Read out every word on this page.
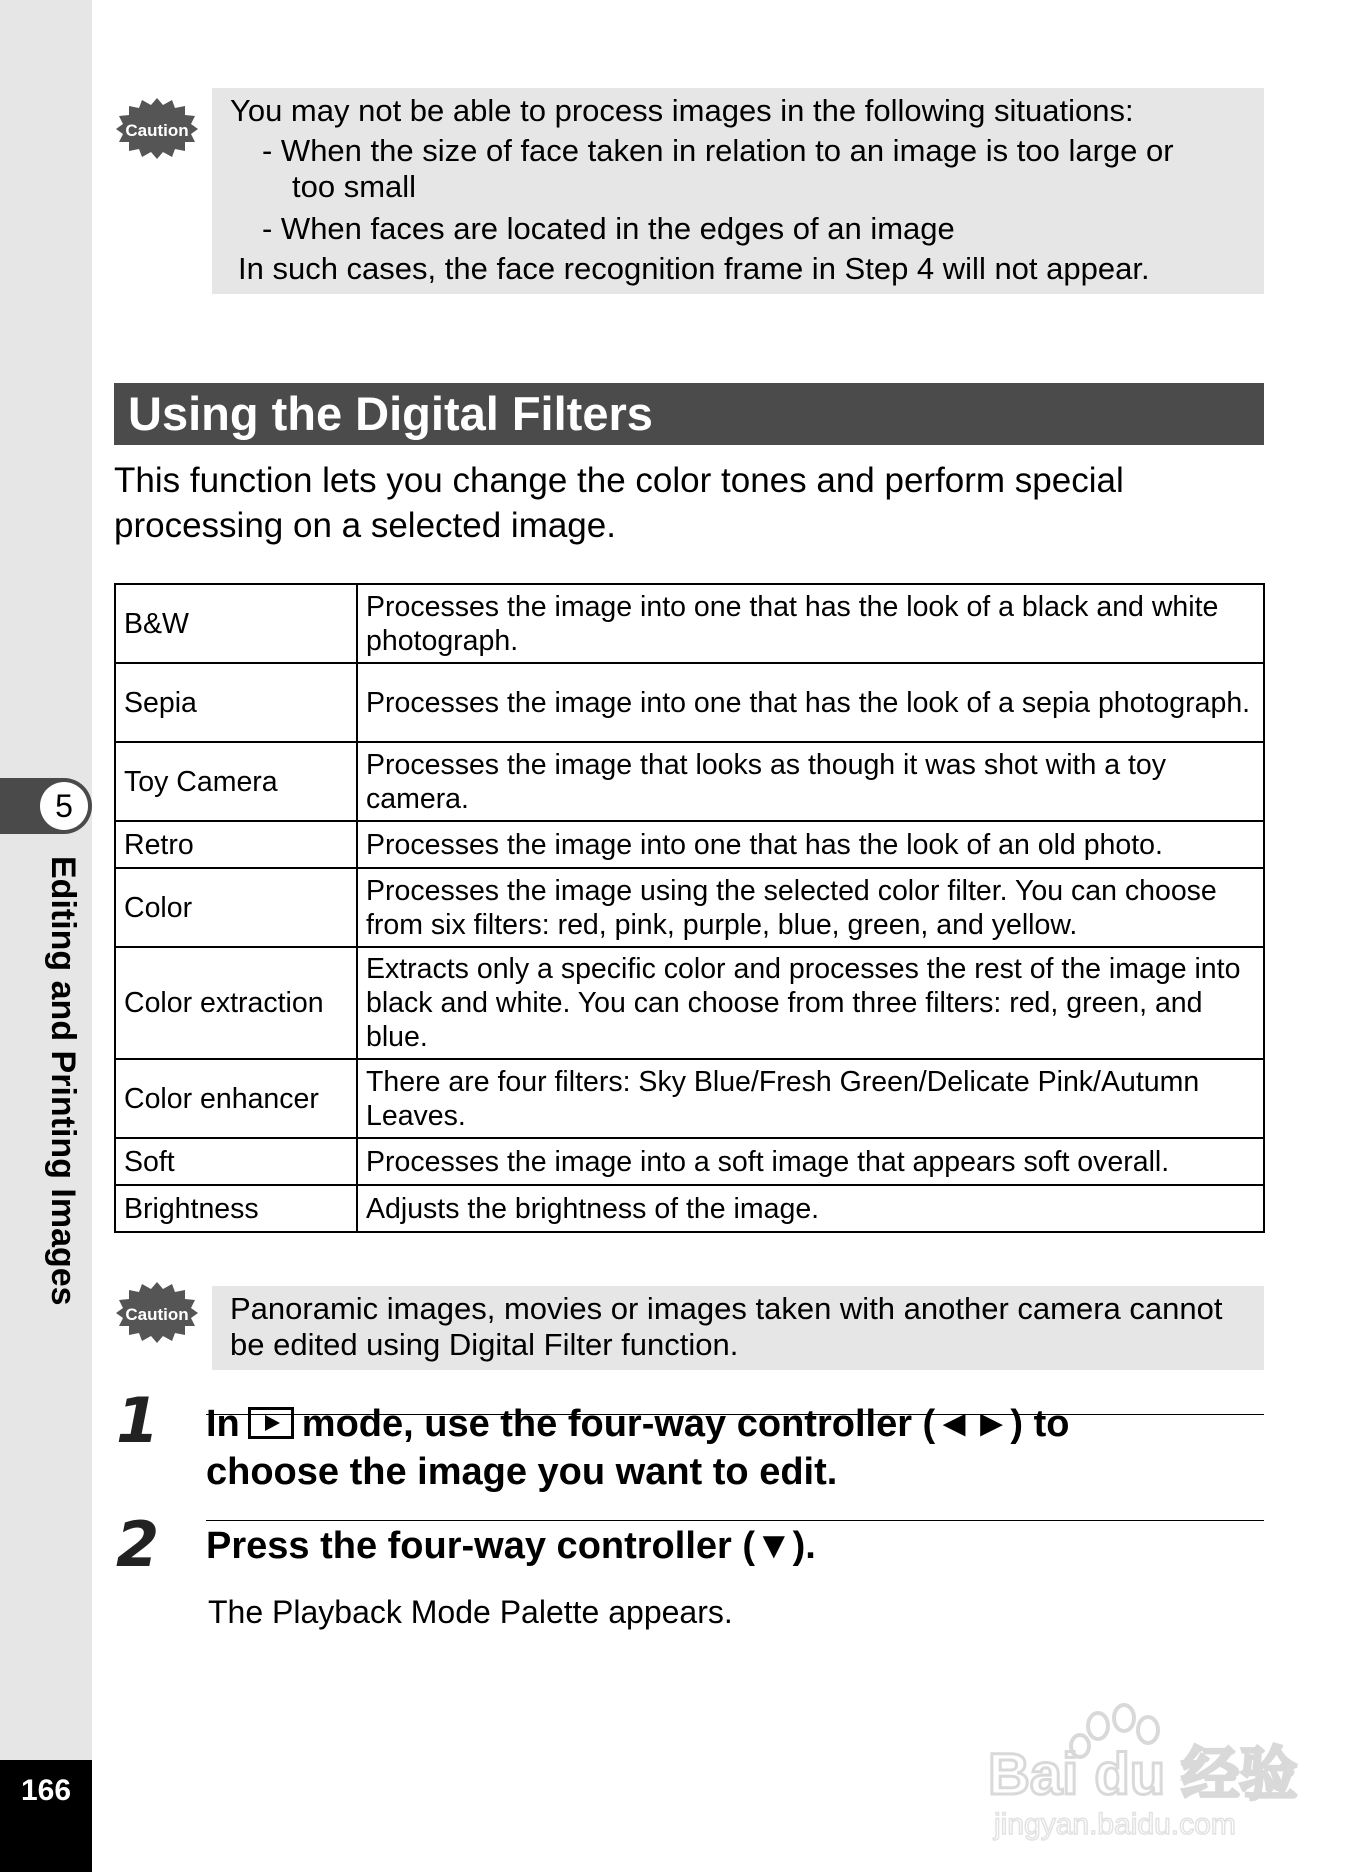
5
Editing and Printing Images
166
Caution
You may not be able to process images in the following situations:
- When the size of face taken in relation to an image is too large or
too small
- When faces are located in the edges of an image
In such cases, the face recognition frame in Step 4 will not appear.
Using the Digital Filters
This function lets you change the color tones and perform special processing on a selected image.
B&W	Processes the image into one that has the look of a black and white photograph.
Sepia	Processes the image into one that has the look of a sepia photograph.
Toy Camera	Processes the image that looks as though it was shot with a toy camera.
Retro	Processes the image into one that has the look of an old photo.
Color	Processes the image using the selected color filter. You can choose from six filters: red, pink, purple, blue, green, and yellow.
Color extraction	Extracts only a specific color and processes the rest of the image into black and white. You can choose from three filters: red, green, and blue.
Color enhancer	There are four filters: Sky Blue/Fresh Green/Delicate Pink/Autumn Leaves.
Soft	Processes the image into a soft image that appears soft overall.
Brightness	Adjusts the brightness of the image.
Caution Panoramic images, movies or images taken with another camera cannot
be edited using Digital Filter function.
1 In mode, use the four-way controller (◄►) to
choose the image you want to edit.
2 Press the four-way controller (▼).
The Playback Mode Palette appears.
Bai du 经验
jingyan.baidu.com
